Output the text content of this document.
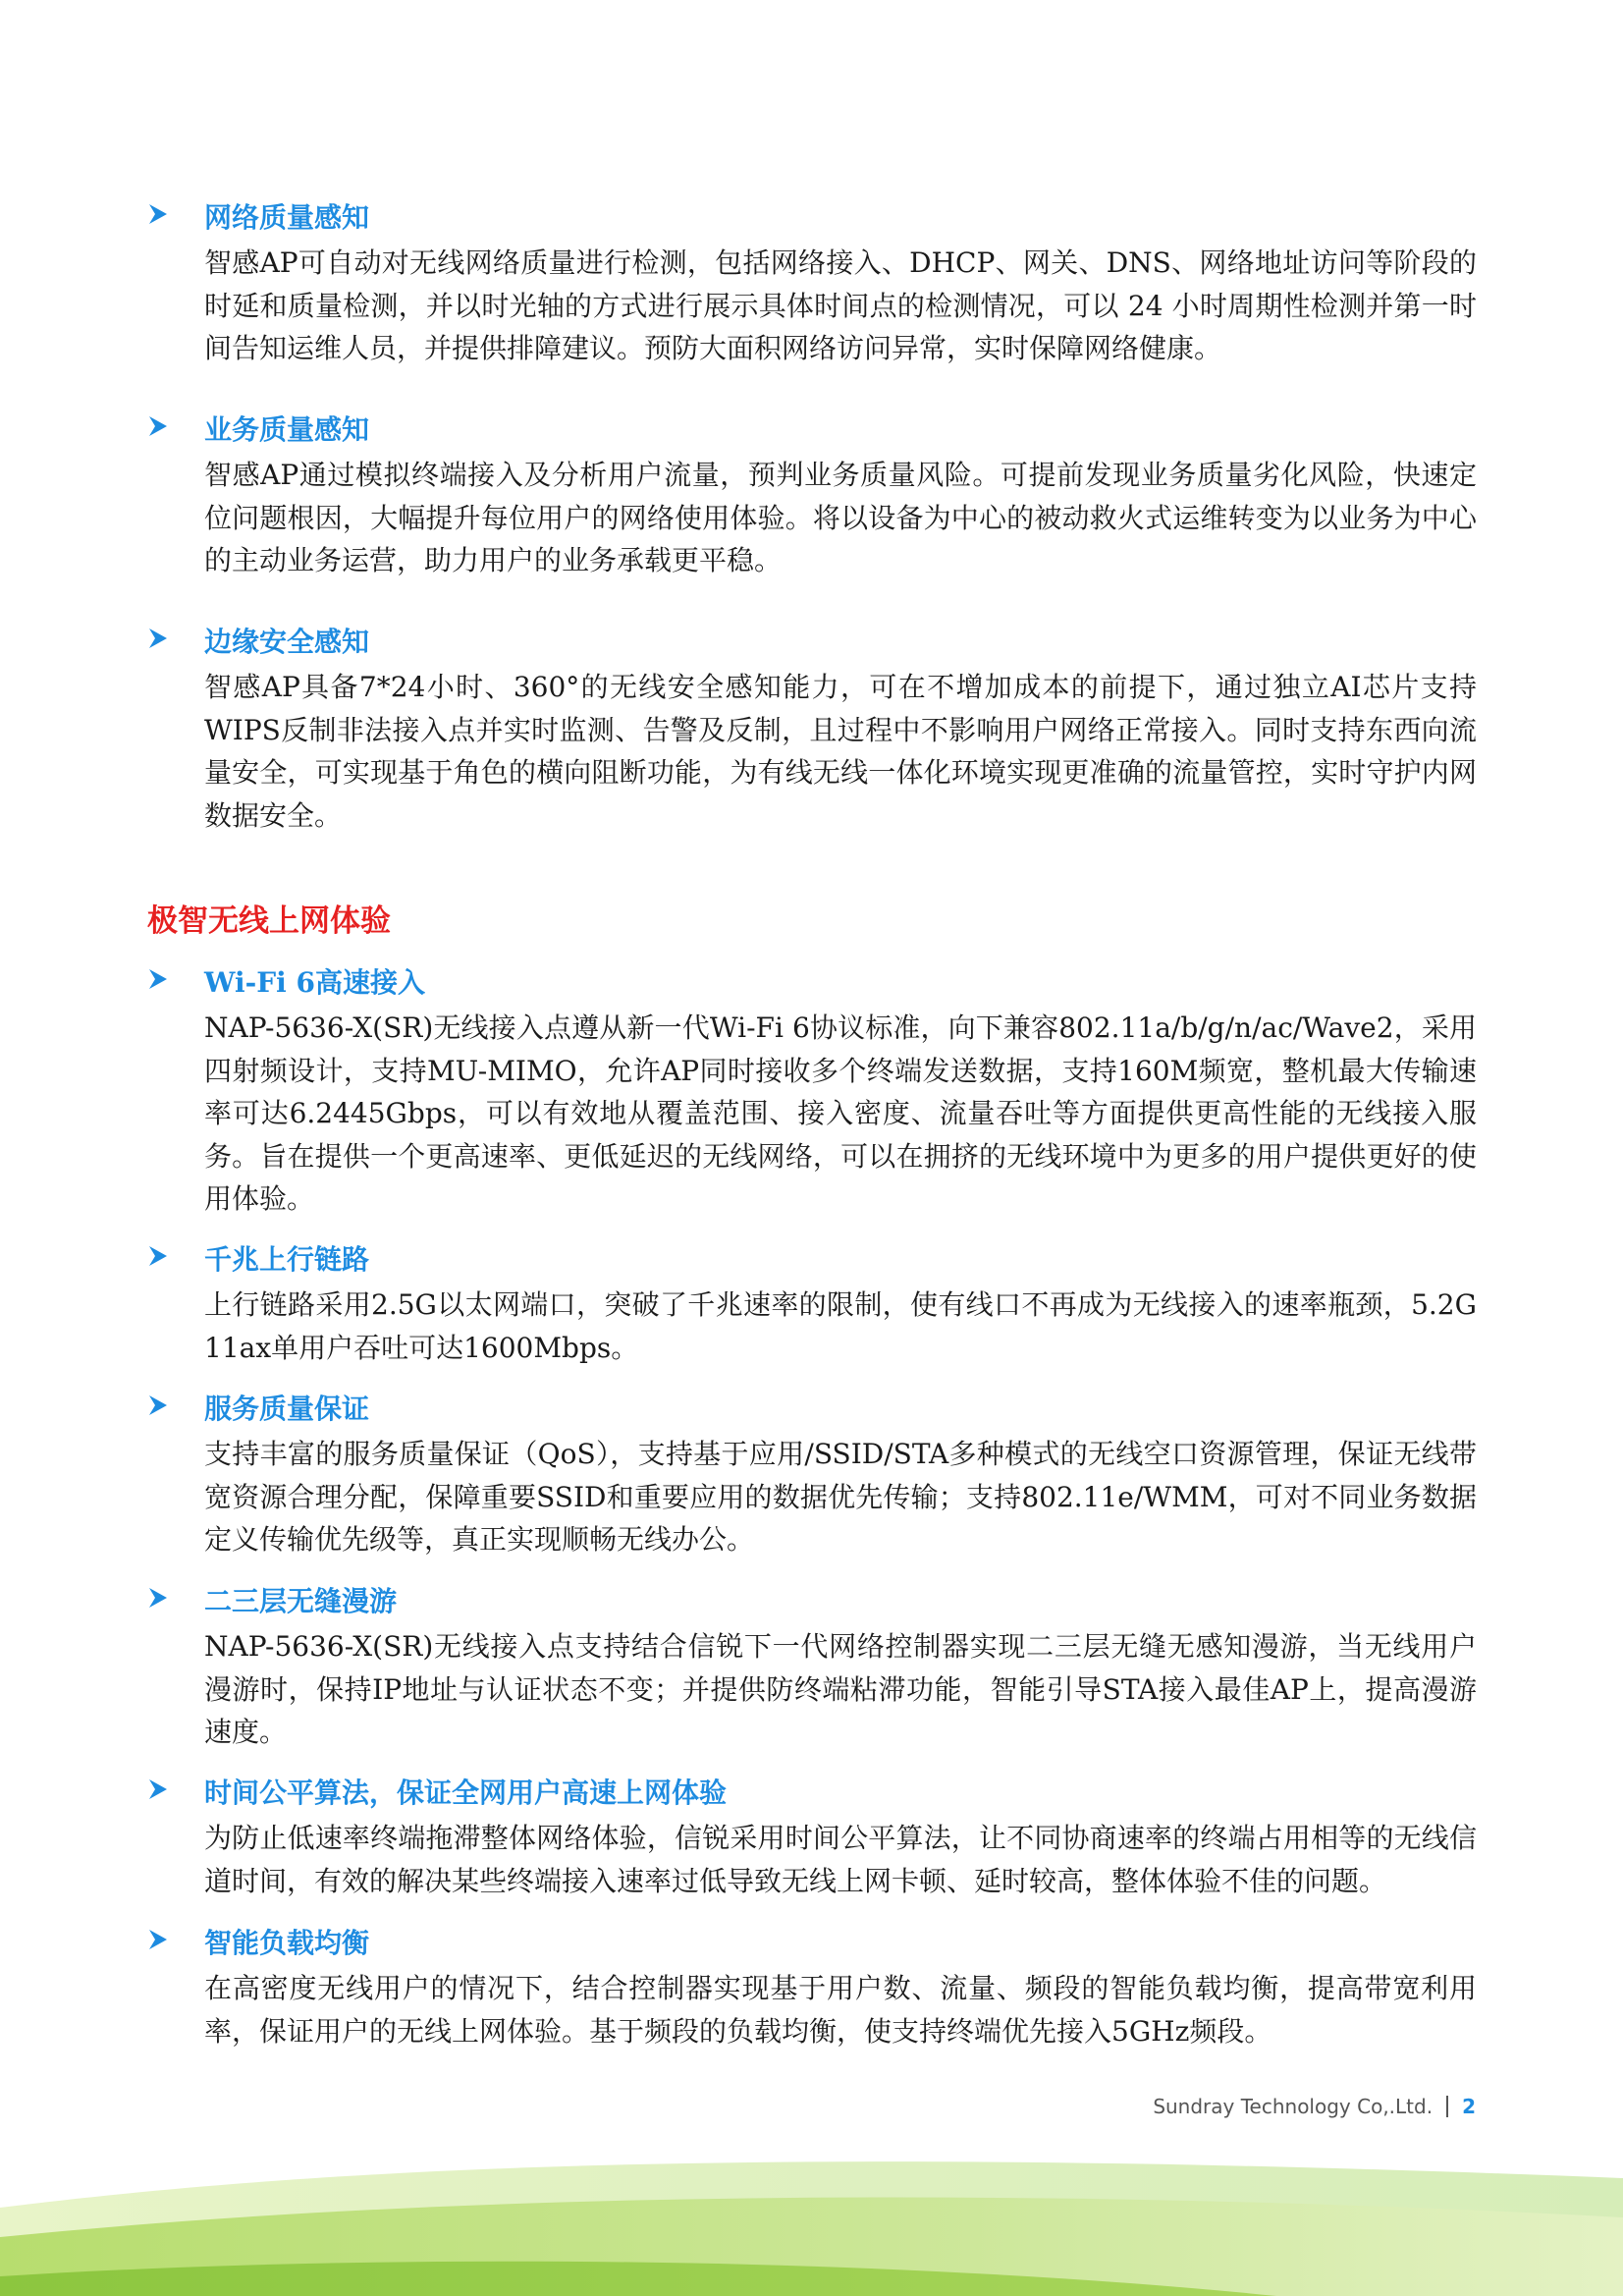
网络质量感知
智感AP可自动对无线网络质量进行检测，包括网络接入、DHCP、网关、DNS、网络地址访问等阶段的时延和质量检测，并以时光轴的方式进行展示具体时间点的检测情况，可以 24 小时周期性检测并第一时间告知运维人员，并提供排障建议。预防大面积网络访问异常，实时保障网络健康。
业务质量感知
智感AP通过模拟终端接入及分析用户流量，预判业务质量风险。可提前发现业务质量劣化风险，快速定位问题根因，大幅提升每位用户的网络使用体验。将以设备为中心的被动救火式运维转变为以业务为中心的主动业务运营，助力用户的业务承载更平稳。
边缘安全感知
智感AP具备7*24小时、360°的无线安全感知能力，可在不增加成本的前提下，通过独立AI芯片支持WIPS反制非法接入点并实时监测、告警及反制，且过程中不影响用户网络正常接入。同时支持东西向流量安全，可实现基于角色的横向阻断功能，为有线无线一体化环境实现更准确的流量管控，实时守护内网数据安全。
极智无线上网体验
Wi-Fi 6高速接入
NAP-5636-X(SR)无线接入点遵从新一代Wi-Fi 6协议标准，向下兼容802.11a/b/g/n/ac/Wave2，采用四射频设计，支持MU-MIMO，允许AP同时接收多个终端发送数据，支持160M频宽，整机最大传输速率可达6.2445Gbps，可以有效地从覆盖范围、接入密度、流量吞吐等方面提供更高性能的无线接入服务。旨在提供一个更高速率、更低延迟的无线网络，可以在拥挤的无线环境中为更多的用户提供更好的使用体验。
千兆上行链路
上行链路采用2.5G以太网端口，突破了千兆速率的限制，使有线口不再成为无线接入的速率瓶颈，5.2G 11ax单用户吞吐可达1600Mbps。
服务质量保证
支持丰富的服务质量保证（QoS），支持基于应用/SSID/STA多种模式的无线空口资源管理，保证无线带宽资源合理分配，保障重要SSID和重要应用的数据优先传输；支持802.11e/WMM，可对不同业务数据定义传输优先级等，真正实现顺畅无线办公。
二三层无缝漫游
NAP-5636-X(SR)无线接入点支持结合信锐下一代网络控制器实现二三层无缝无感知漫游，当无线用户漫游时，保持IP地址与认证状态不变；并提供防终端粘滞功能，智能引导STA接入最佳AP上，提高漫游速度。
时间公平算法，保证全网用户高速上网体验
为防止低速率终端拖滞整体网络体验，信锐采用时间公平算法，让不同协商速率的终端占用相等的无线信道时间，有效的解决某些终端接入速率过低导致无线上网卡顿、延时较高，整体体验不佳的问题。
智能负载均衡
在高密度无线用户的情况下，结合控制器实现基于用户数、流量、频段的智能负载均衡，提高带宽利用率，保证用户的无线上网体验。基于频段的负载均衡，使支持终端优先接入5GHz频段。
Sundray Technology Co,.Ltd. 2
